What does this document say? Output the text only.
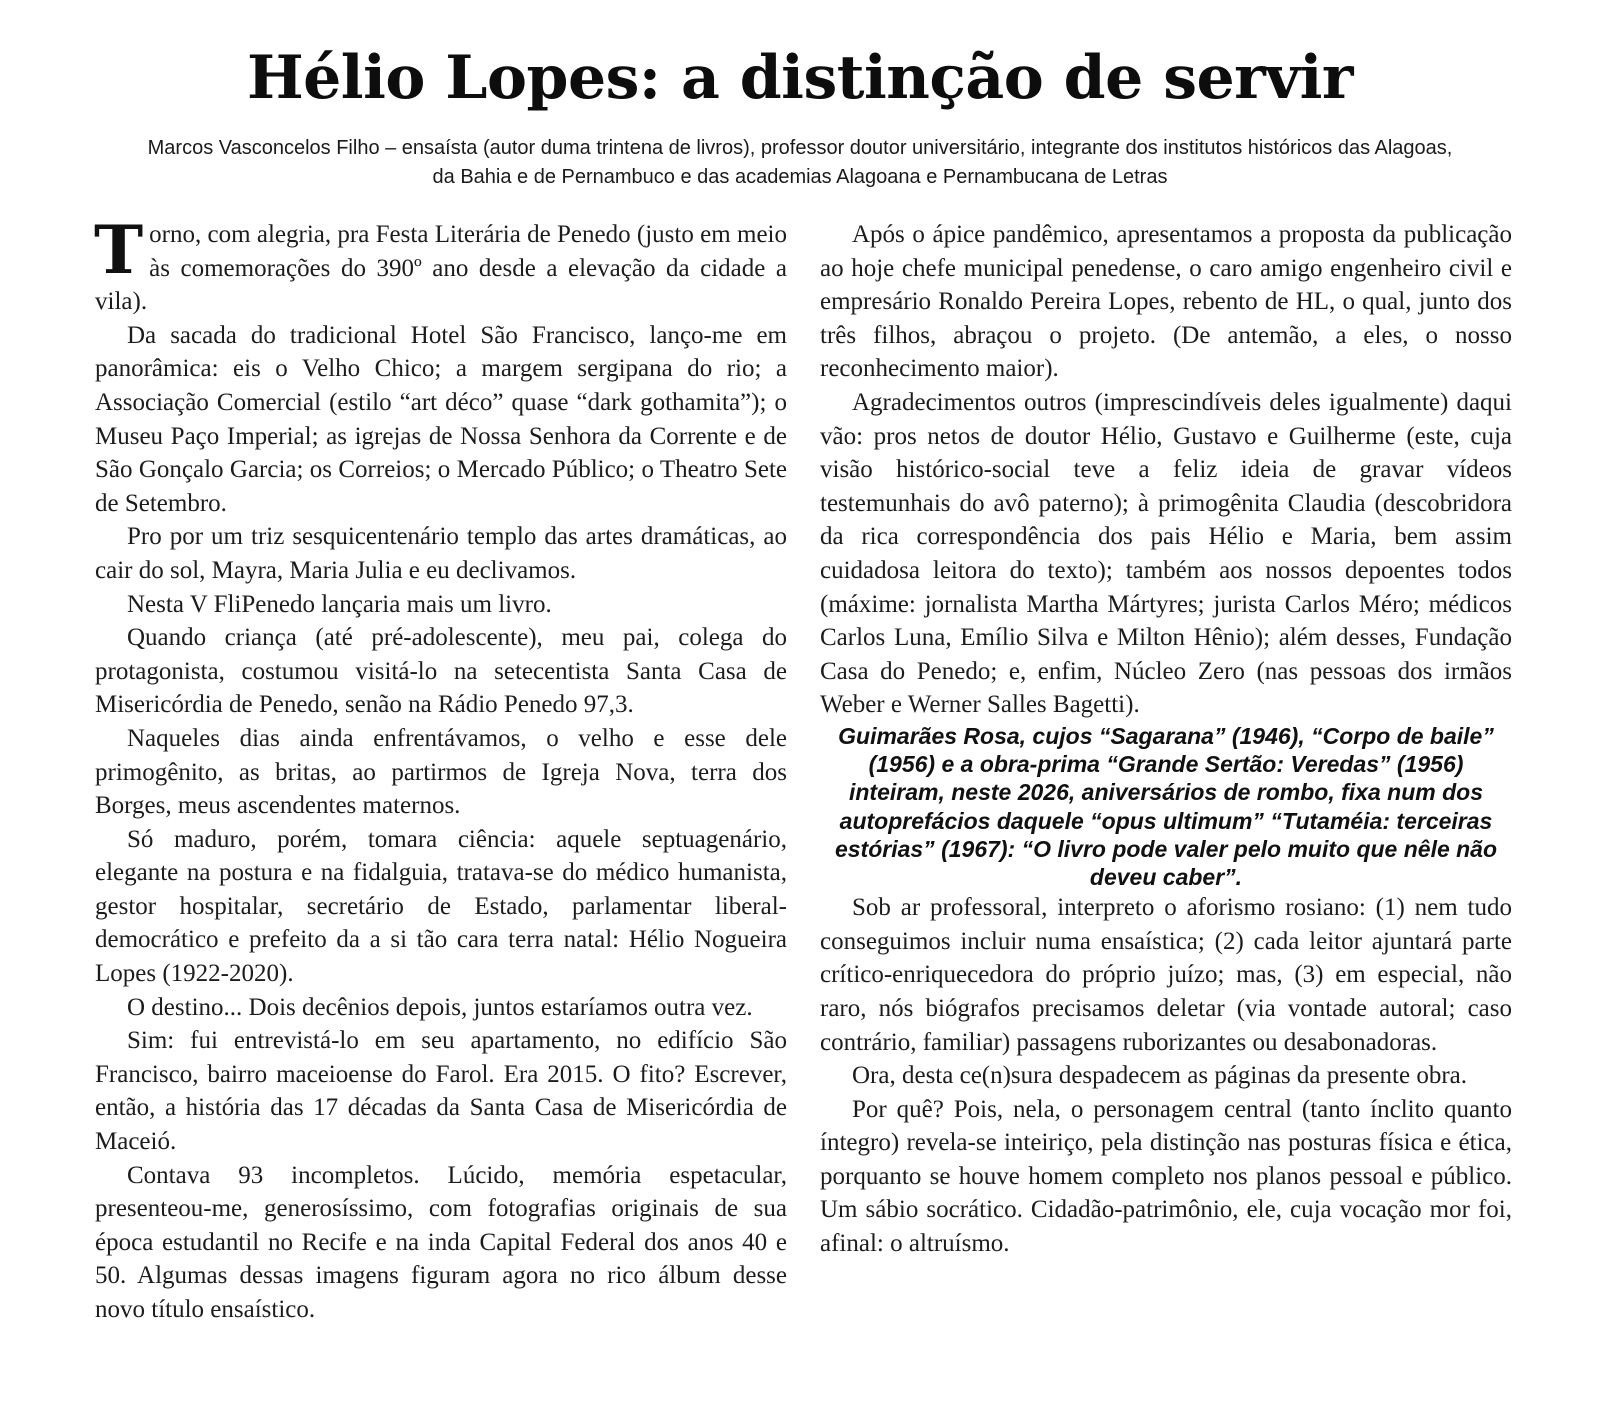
Hélio Lopes: a distinção de servir

Marcos Vasconcelos Filho – ensaísta (autor duma trintena de livros), professor doutor universitário, integrante dos institutos históricos das Alagoas, da Bahia e de Pernambuco e das academias Alagoana e Pernambucana de Letras

Torno, com alegria, pra Festa Literária de Penedo (justo em meio às comemorações do 390º ano desde a elevação da cidade a vila).

Da sacada do tradicional Hotel São Francisco, lanço-me em panorâmica: eis o Velho Chico; a margem sergipana do rio; a Associação Comercial (estilo “art déco” quase “dark gothamita”); o Museu Paço Imperial; as igrejas de Nossa Senhora da Corrente e de São Gonçalo Garcia; os Correios; o Mercado Público; o Theatro Sete de Setembro.

Pro por um triz sesquicentenário templo das artes dramáticas, ao cair do sol, Mayra, Maria Julia e eu declivamos.

Nesta V FliPenedo lançaria mais um livro.

Quando criança (até pré-adolescente), meu pai, colega do protagonista, costumou visitá-lo na setecentista Santa Casa de Misericórdia de Penedo, senão na Rádio Penedo 97,3.

Naqueles dias ainda enfrentávamos, o velho e esse dele primogênito, as britas, ao partirmos de Igreja Nova, terra dos Borges, meus ascendentes maternos.

Só maduro, porém, tomara ciência: aquele septuagenário, elegante na postura e na fidalguia, tratava-se do médico humanista, gestor hospitalar, secretário de Estado, parlamentar liberal-democrático e prefeito da a si tão cara terra natal: Hélio Nogueira Lopes (1922-2020).

O destino... Dois decênios depois, juntos estaríamos outra vez.

Sim: fui entrevistá-lo em seu apartamento, no edifício São Francisco, bairro maceioense do Farol. Era 2015. O fito? Escrever, então, a história das 17 décadas da Santa Casa de Misericórdia de Maceió.

Contava 93 incompletos. Lúcido, memória espetacular, presenteou-me, generosíssimo, com fotografias originais de sua época estudantil no Recife e na inda Capital Federal dos anos 40 e 50. Algumas dessas imagens figuram agora no rico álbum desse novo título ensaístico.

Após o ápice pandêmico, apresentamos a proposta da publicação ao hoje chefe municipal penedense, o caro amigo engenheiro civil e empresário Ronaldo Pereira Lopes, rebento de HL, o qual, junto dos três filhos, abraçou o projeto. (De antemão, a eles, o nosso reconhecimento maior).

Agradecimentos outros (imprescindíveis deles igualmente) daqui vão: pros netos de doutor Hélio, Gustavo e Guilherme (este, cuja visão histórico-social teve a feliz ideia de gravar vídeos testemunhais do avô paterno); à primogênita Claudia (descobridora da rica correspondência dos pais Hélio e Maria, bem assim cuidadosa leitora do texto); também aos nossos depoentes todos (máxime: jornalista Martha Mártyres; jurista Carlos Méro; médicos Carlos Luna, Emílio Silva e Milton Hênio); além desses, Fundação Casa do Penedo; e, enfim, Núcleo Zero (nas pessoas dos irmãos Weber e Werner Salles Bagetti).

Guimarães Rosa, cujos “Sagarana” (1946), “Corpo de baile” (1956) e a obra-prima “Grande Sertão: Veredas” (1956) inteiram, neste 2026, aniversários de rombo, fixa num dos autoprefácios daquele “opus ultimum” “Tutaméia: terceiras estórias” (1967): “O livro pode valer pelo muito que nêle não deveu caber”.

Sob ar professoral, interpreto o aforismo rosiano: (1) nem tudo conseguimos incluir numa ensaística; (2) cada leitor ajuntará parte crítico-enriquecedora do próprio juízo; mas, (3) em especial, não raro, nós biógrafos precisamos deletar (via vontade autoral; caso contrário, familiar) passagens ruborizantes ou desabonadoras.

Ora, desta ce(n)sura despadecem as páginas da presente obra.

Por quê? Pois, nela, o personagem central (tanto ínclito quanto íntegro) revela-se inteiriço, pela distinção nas posturas física e ética, porquanto se houve homem completo nos planos pessoal e público. Um sábio socrático. Cidadão-patrimônio, ele, cuja vocação mor foi, afinal: o altruísmo.
